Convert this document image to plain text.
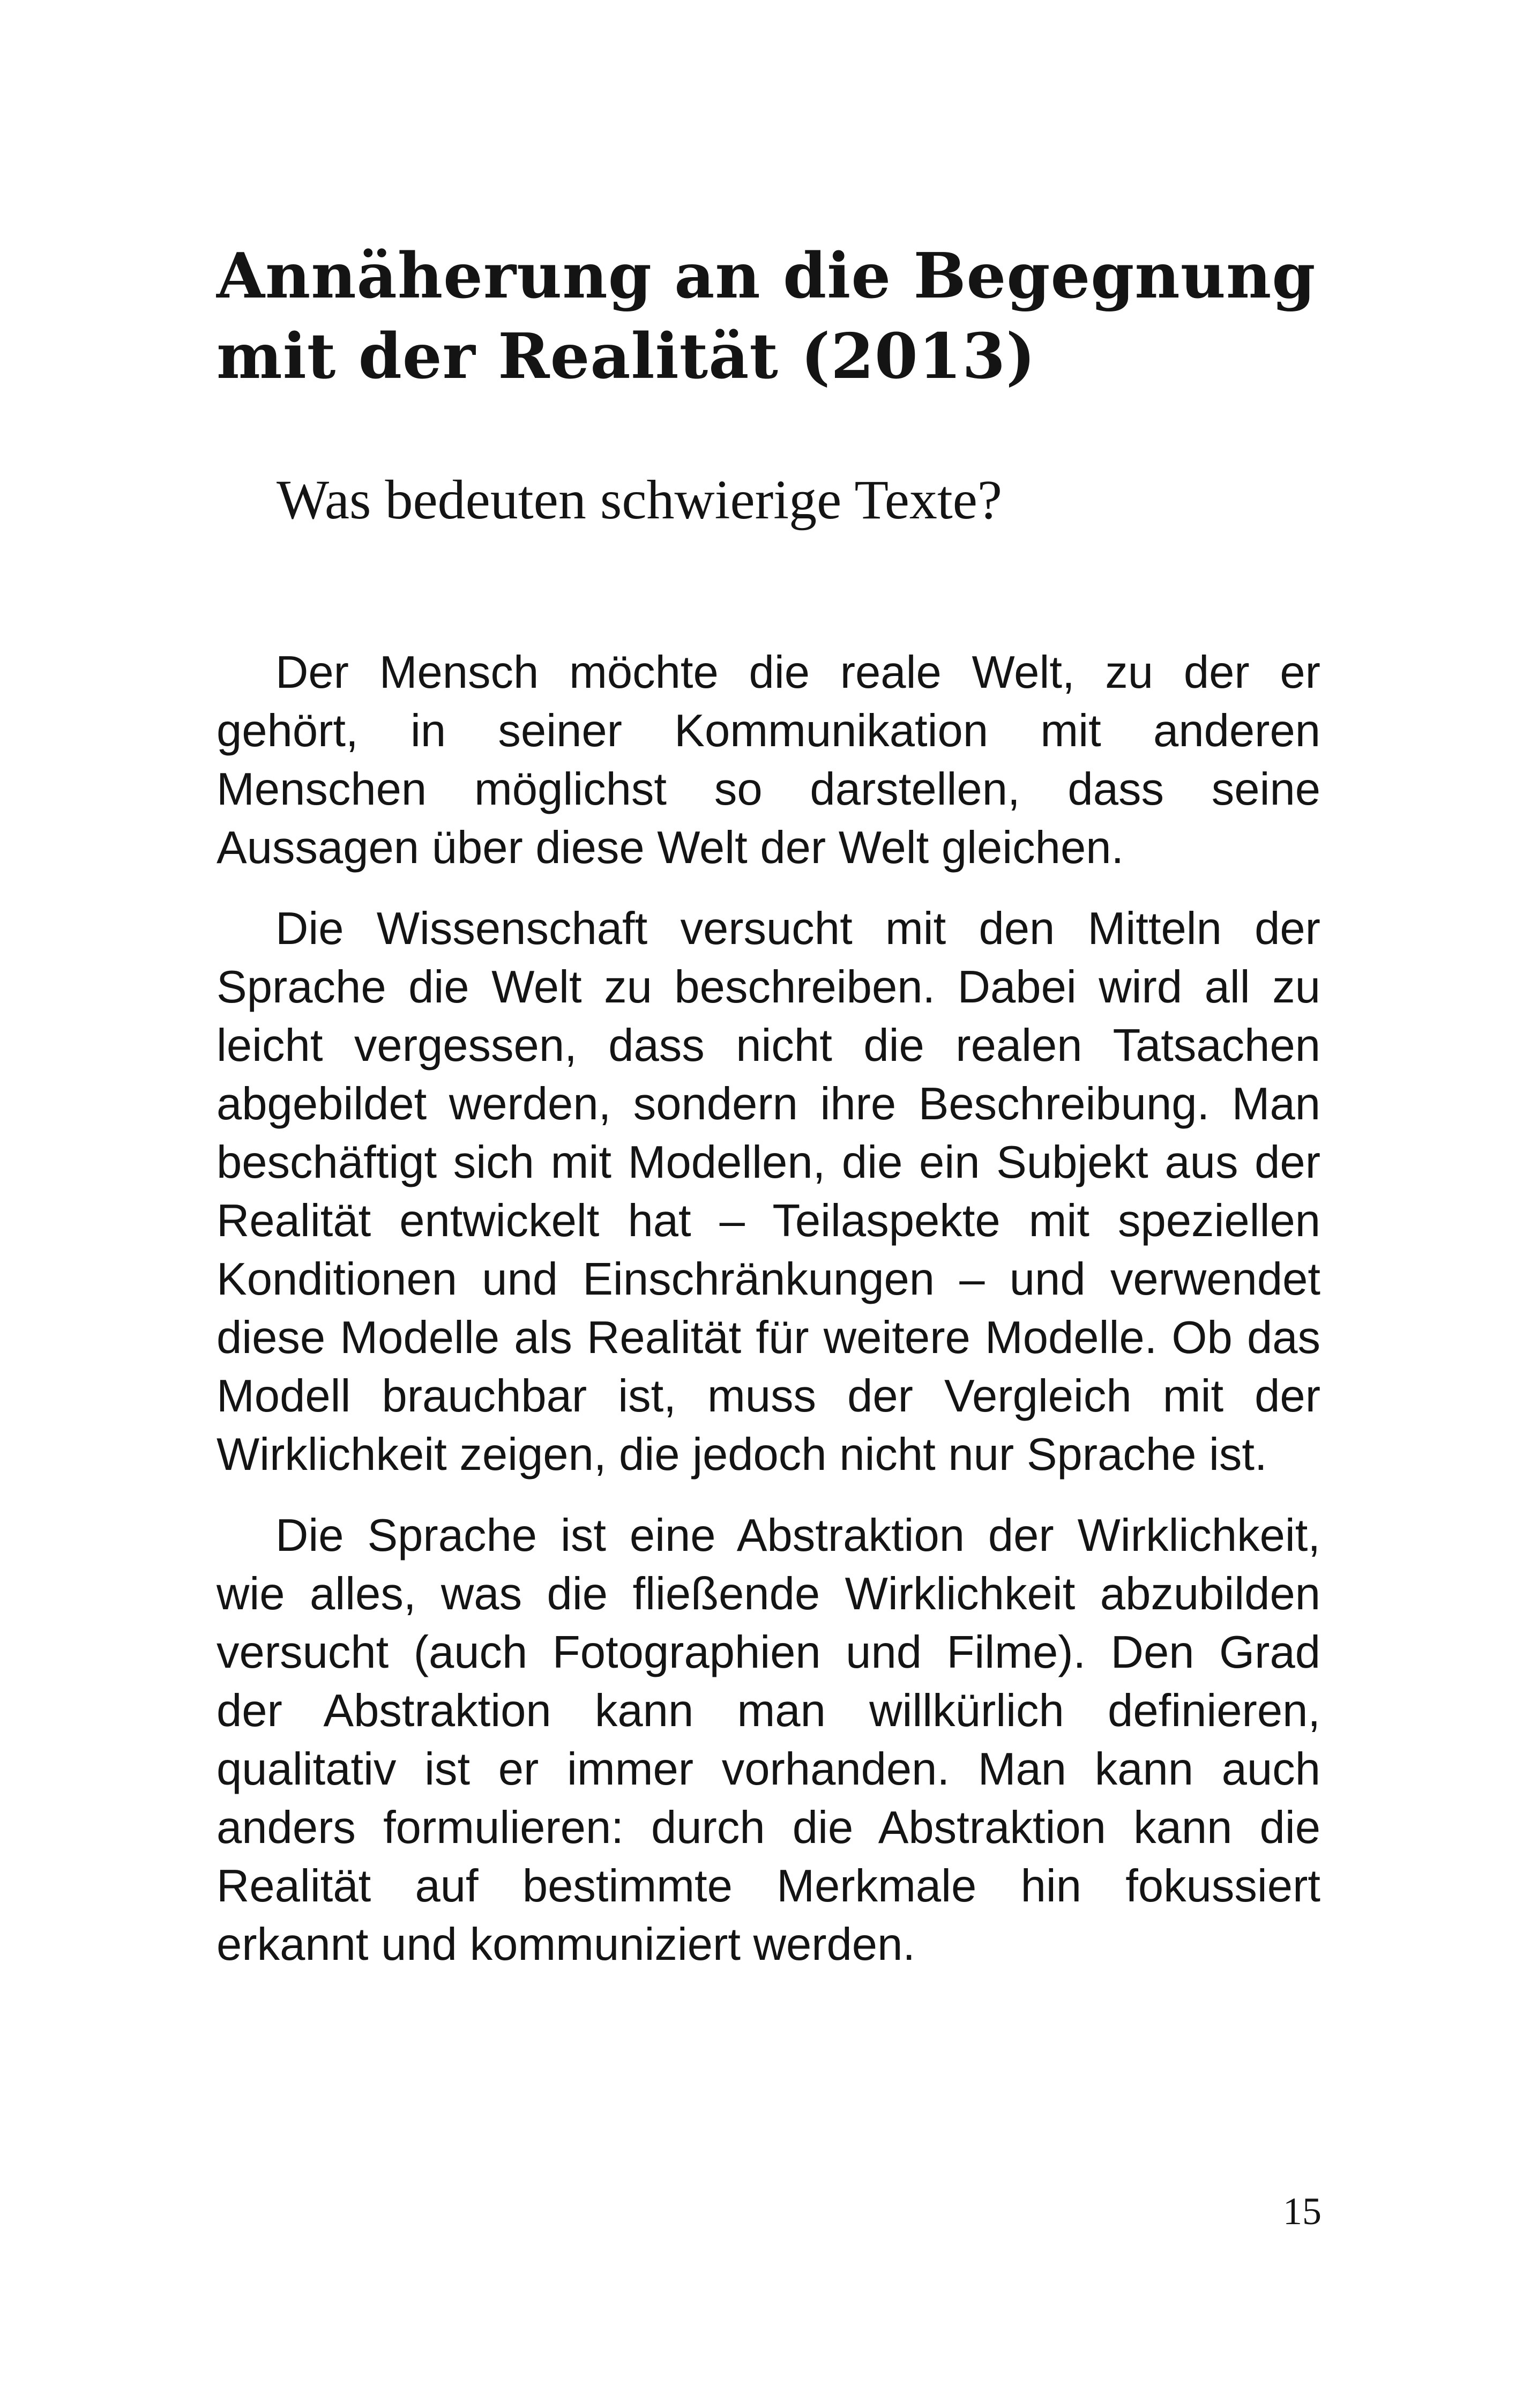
Annäherung an die Begegnung mit der Realität (2013)
Was bedeuten schwierige Texte?

Der Mensch möchte die reale Welt, zu der er gehört, in seiner Kommunikation mit anderen Menschen möglichst so darstellen, dass seine Aussagen über diese Welt der Welt gleichen.

Die Wissenschaft versucht mit den Mitteln der Sprache die Welt zu beschreiben. Dabei wird all zu leicht vergessen, dass nicht die realen Tatsachen abgebildet werden, sondern ihre Beschreibung. Man beschäftigt sich mit Modellen, die ein Subjekt aus der Realität entwickelt hat – Teilaspekte mit speziellen Konditionen und Einschränkungen – und verwendet diese Modelle als Realität für weitere Modelle. Ob das Modell brauchbar ist, muss der Vergleich mit der Wirklichkeit zeigen, die jedoch nicht nur Sprache ist.

Die Sprache ist eine Abstraktion der Wirklichkeit, wie alles, was die fließende Wirklichkeit abzubilden versucht (auch Fotographien und Filme). Den Grad der Abstraktion kann man willkürlich definieren, qualitativ ist er immer vorhanden. Man kann auch anders formulieren: durch die Abstraktion kann die Realität auf bestimmte Merkmale hin fokussiert erkannt und kommuniziert werden.

15
